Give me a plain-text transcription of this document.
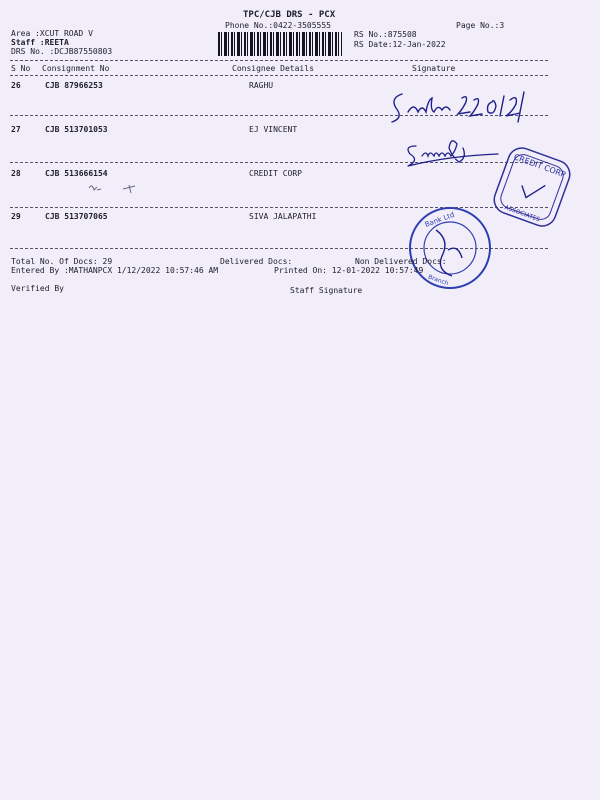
TPC/CJB DRS - PCX
Phone No.:0422-3505555	Page No.:3
Area :XCUT ROAD V
Staff :REETA
DRS No. :DCJB87550803
RS No.:875508
RS Date:12-Jan-2022
S No Consignment No	Consignee Details	Signature
26	CJB 87966253	RAGHU
27	CJB 513701053	EJ VINCENT
28	CJB 513666154	CREDIT CORP
29	CJB 513707065	SIVA JALAPATHI
CREDIT CORP
ASSOCIATES
Bank Ltd
Branch
Total No. Of Docs: 29	Delivered Docs:	Non Delivered Docs:
Entered By :MATHANPCX 1/12/2022 10:57:46 AM	Printed On: 12-01-2022 10:57:49
Verified By	Staff Signature
